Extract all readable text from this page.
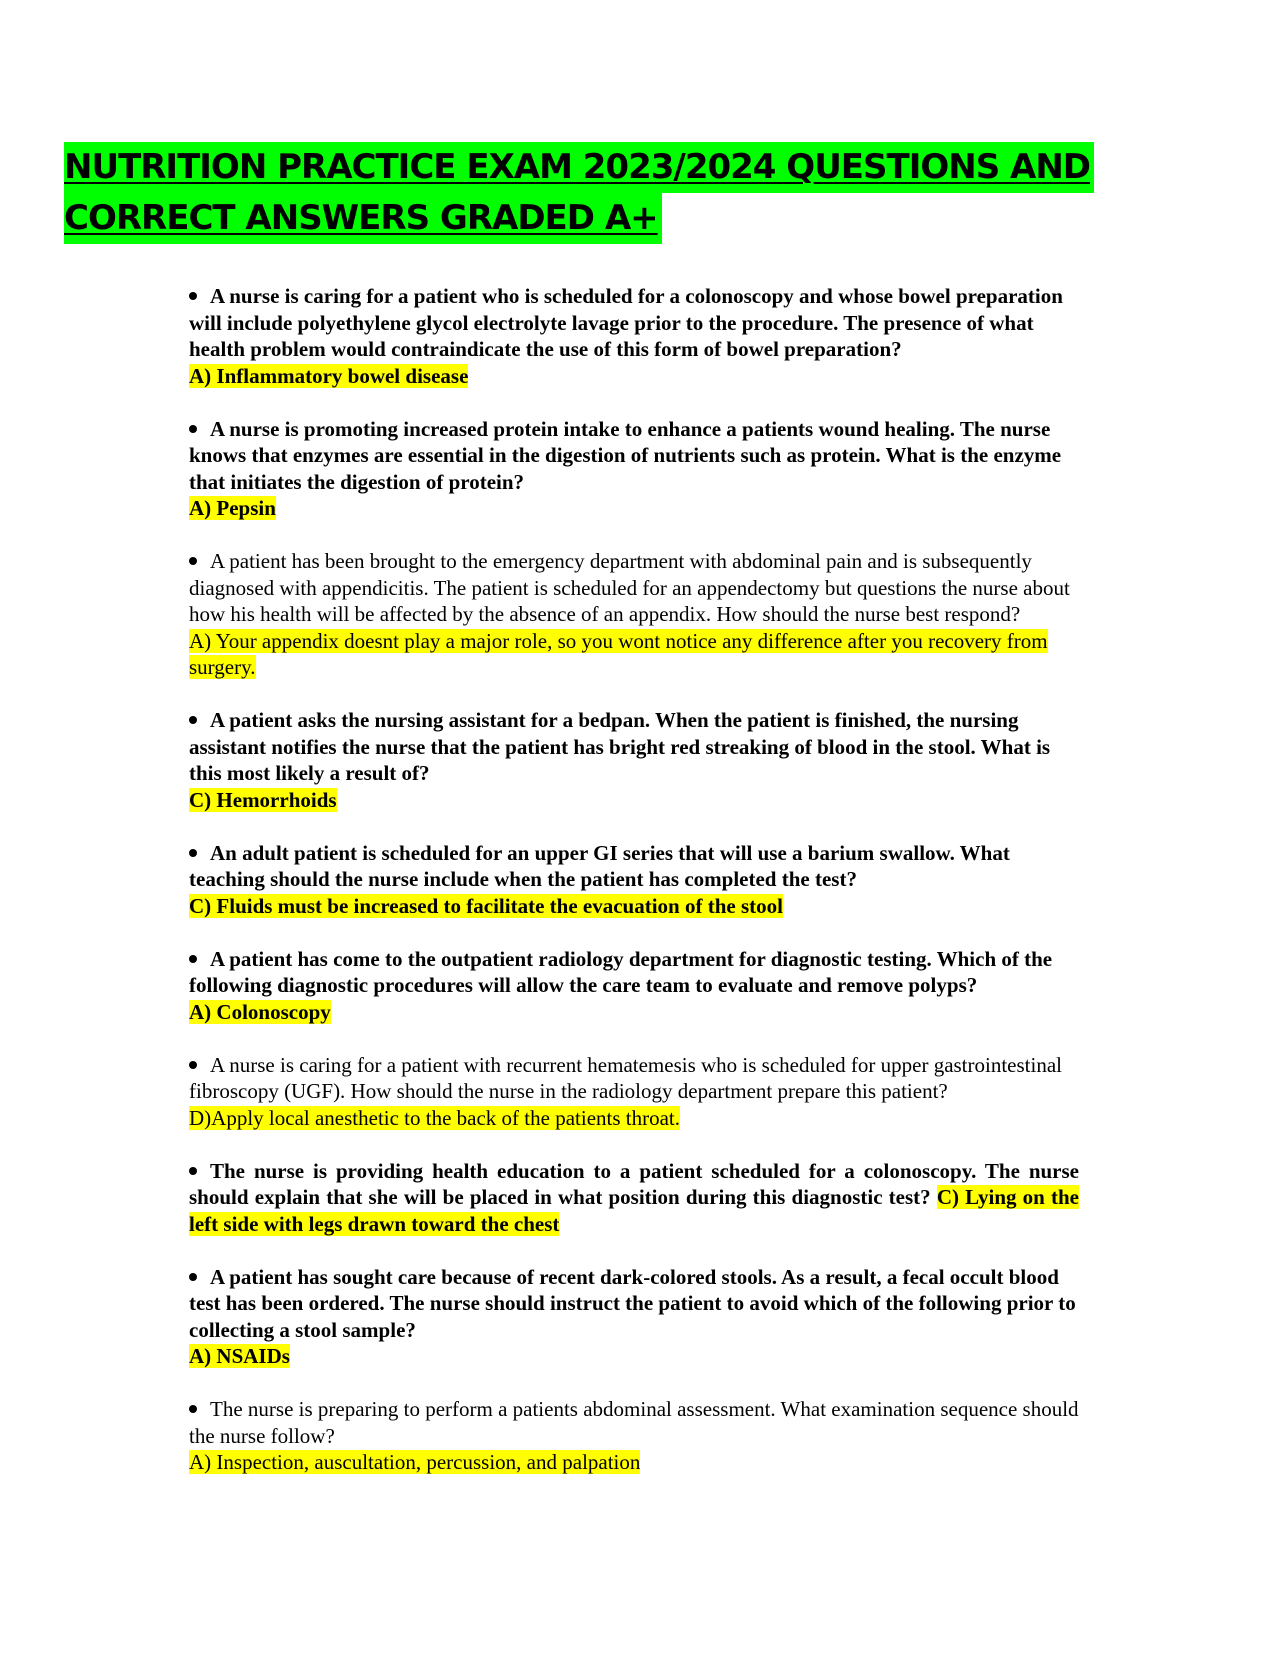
NUTRITION PRACTICE EXAM 2023/2024 QUESTIONS AND
CORRECT ANSWERS GRADED A+
A nurse is caring for a patient who is scheduled for a colonoscopy and whose bowel preparation will include polyethylene glycol electrolyte lavage prior to the procedure. The presence of what health problem would contraindicate the use of this form of bowel preparation?
A) Inflammatory bowel disease
A nurse is promoting increased protein intake to enhance a patients wound healing. The nurse knows that enzymes are essential in the digestion of nutrients such as protein. What is the enzyme that initiates the digestion of protein?
A) Pepsin
A patient has been brought to the emergency department with abdominal pain and is subsequently diagnosed with appendicitis. The patient is scheduled for an appendectomy but questions the nurse about how his health will be affected by the absence of an appendix. How should the nurse best respond?
A) Your appendix doesnt play a major role, so you wont notice any difference after you recovery from surgery.
A patient asks the nursing assistant for a bedpan. When the patient is finished, the nursing assistant notifies the nurse that the patient has bright red streaking of blood in the stool. What is this most likely a result of?
C) Hemorrhoids
An adult patient is scheduled for an upper GI series that will use a barium swallow. What teaching should the nurse include when the patient has completed the test?
C) Fluids must be increased to facilitate the evacuation of the stool
A patient has come to the outpatient radiology department for diagnostic testing. Which of the following diagnostic procedures will allow the care team to evaluate and remove polyps?
A) Colonoscopy
A nurse is caring for a patient with recurrent hematemesis who is scheduled for upper gastrointestinal fibroscopy (UGF). How should the nurse in the radiology department prepare this patient?
D)Apply local anesthetic to the back of the patients throat.
The nurse is providing health education to a patient scheduled for a colonoscopy. The nurse should explain that she will be placed in what position during this diagnostic test? C) Lying on the left side with legs drawn toward the chest
A patient has sought care because of recent dark-colored stools. As a result, a fecal occult blood test has been ordered. The nurse should instruct the patient to avoid which of the following prior to collecting a stool sample?
A) NSAIDs
The nurse is preparing to perform a patients abdominal assessment. What examination sequence should the nurse follow?
A) Inspection, auscultation, percussion, and palpation
